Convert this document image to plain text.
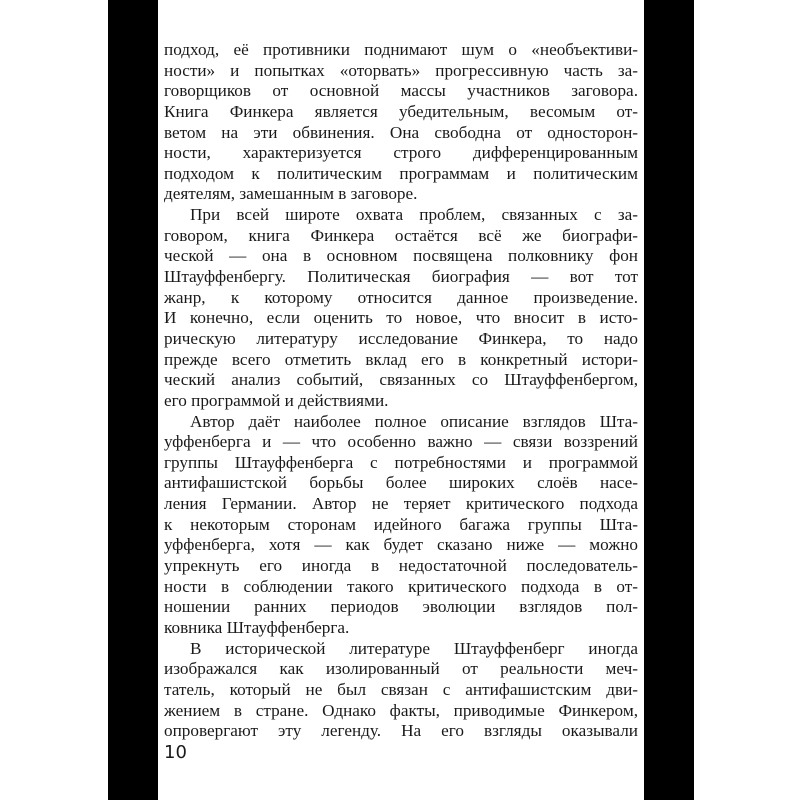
подход, её противники поднимают шум о «необъективи-
ности» и попытках «оторвать» прогрессивную часть за-
говорщиков от основной массы участников заговора.
Книга Финкера является убедительным, весомым от-
ветом на эти обвинения. Она свободна от односторон-
ности, характеризуется строго дифференцированным
подходом к политическим программам и политическим
деятелям, замешанным в заговоре.
При всей широте охвата проблем, связанных с за-
говором, книга Финкера остаётся всё же биографи-
ческой — она в основном посвящена полковнику фон
Штауффенбергу. Политическая биография — вот тот
жанр, к которому относится данное произведение.
И конечно, если оценить то новое, что вносит в исто-
рическую литературу исследование Финкера, то надо
прежде всего отметить вклад его в конкретный истори-
ческий анализ событий, связанных со Штауффенбергом,
его программой и действиями.
Автор даёт наиболее полное описание взглядов Шта-
уффенберга и — что особенно важно — связи воззрений
группы Штауффенберга с потребностями и программой
антифашистской борьбы более широких слоёв насе-
ления Германии. Автор не теряет критического подхода
к некоторым сторонам идейного багажа группы Шта-
уффенберга, хотя — как будет сказано ниже — можно
упрекнуть его иногда в недостаточной последователь-
ности в соблюдении такого критического подхода в от-
ношении ранних периодов эволюции взглядов пол-
ковника Штауффенберга.
В исторической литературе Штауффенберг иногда
изображался как изолированный от реальности меч-
татель, который не был связан с антифашистским дви-
жением в стране. Однако факты, приводимые Финкером,
опровергают эту легенду. На его взгляды оказывали
10
